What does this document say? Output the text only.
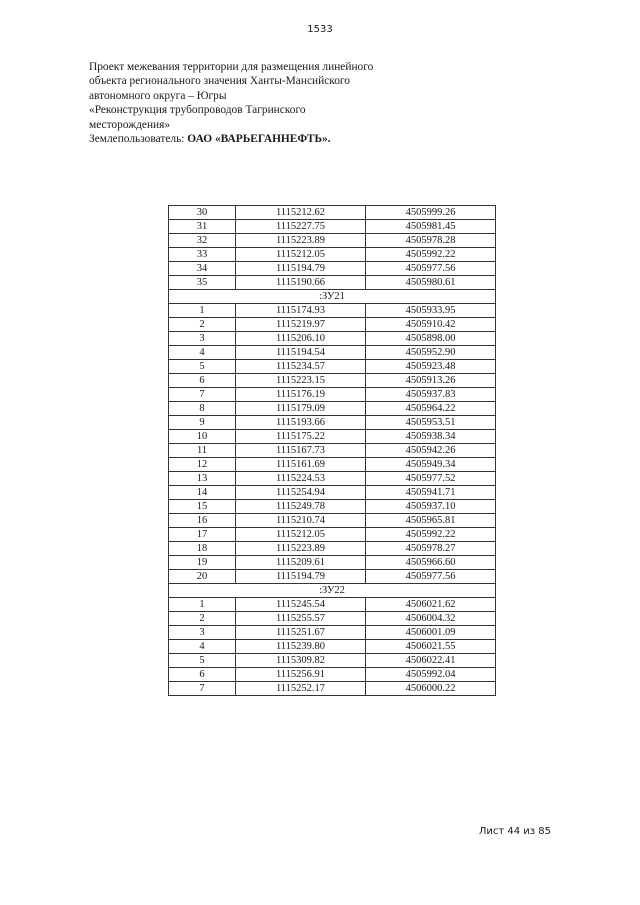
1533
Проект межевания территории для размещения линейного
объекта регионального значения Ханты-Мансийского
автономного округа – Югры
«Реконструкция трубопроводов Тагринского
месторождения»
Землепользователь: ОАО «ВАРЬЕГАННЕФТЬ».
30	1115212.62	4505999.26
31	1115227.75	4505981.45
32	1115223.89	4505978.28
33	1115212.05	4505992.22
34	1115194.79	4505977.56
35	1115190.66	4505980.61
:ЗУ21		
1	1115174.93	4505933.95
2	1115219.97	4505910.42
3	1115206.10	4505898.00
4	1115194.54	4505952.90
5	1115234.57	4505923.48
6	1115223.15	4505913.26
7	1115176.19	4505937.83
8	1115179.09	4505964.22
9	1115193.66	4505953.51
10	1115175.22	4505938.34
11	1115167.73	4505942.26
12	1115161.69	4505949.34
13	1115224.53	4505977.52
14	1115254.94	4505941.71
15	1115249.78	4505937.10
16	1115210.74	4505965.81
17	1115212.05	4505992.22
18	1115223.89	4505978.27
19	1115209.61	4505966.60
20	1115194.79	4505977.56
:ЗУ22		
1	1115245.54	4506021.62
2	1115255.57	4506004.32
3	1115251.67	4506001.09
4	1115239.80	4506021.55
5	1115309.82	4506022.41
6	1115256.91	4505992.04
7	1115252.17	4506000.22
Лист 44 из 85
